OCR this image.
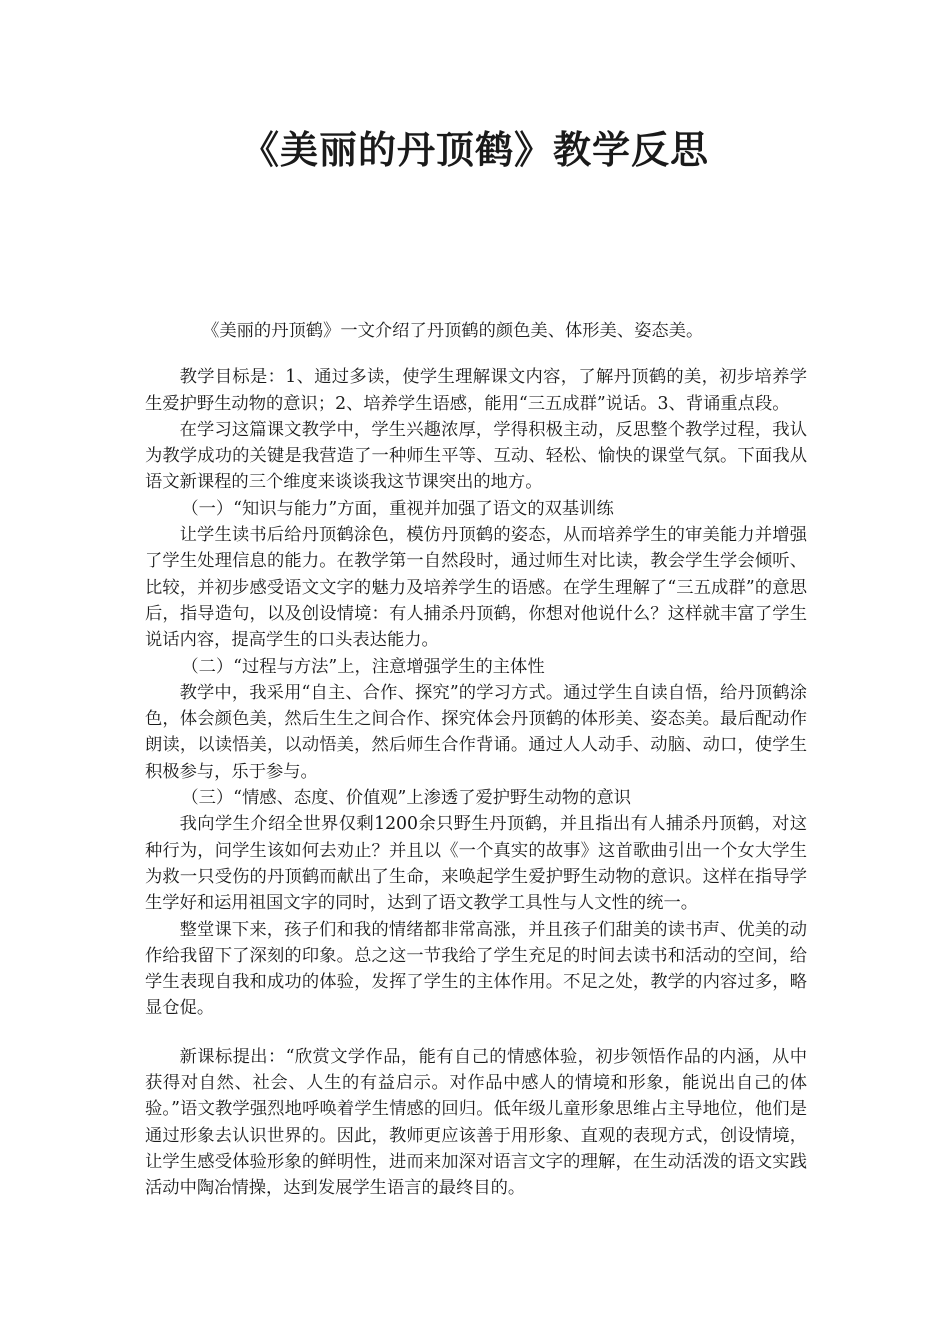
《美丽的丹顶鹤》教学反思

《美丽的丹顶鹤》一文介绍了丹顶鹤的颜色美、体形美、姿态美。

教学目标是：1、通过多读，使学生理解课文内容，了解丹顶鹤的美，初步培养学生爱护野生动物的意识；2、培养学生语感，能用“三五成群”说话。3、背诵重点段。

在学习这篇课文教学中，学生兴趣浓厚，学得积极主动，反思整个教学过程，我认为教学成功的关键是我营造了一种师生平等、互动、轻松、愉快的课堂气氛。下面我从语文新课程的三个维度来谈谈我这节课突出的地方。

（一）“知识与能力”方面，重视并加强了语文的双基训练

让学生读书后给丹顶鹤涂色，模仿丹顶鹤的姿态，从而培养学生的审美能力并增强了学生处理信息的能力。在教学第一自然段时，通过师生对比读，教会学生学会倾听、比较，并初步感受语文文字的魅力及培养学生的语感。在学生理解了“三五成群”的意思后，指导造句，以及创设情境：有人捕杀丹顶鹤，你想对他说什么？这样就丰富了学生说话内容，提高学生的口头表达能力。

（二）“过程与方法”上，注意增强学生的主体性

教学中，我采用“自主、合作、探究”的学习方式。通过学生自读自悟，给丹顶鹤涂色，体会颜色美，然后生生之间合作、探究体会丹顶鹤的体形美、姿态美。最后配动作朗读，以读悟美，以动悟美，然后师生合作背诵。通过人人动手、动脑、动口，使学生积极参与，乐于参与。

（三）“情感、态度、价值观”上渗透了爱护野生动物的意识

我向学生介绍全世界仅剩1200余只野生丹顶鹤，并且指出有人捕杀丹顶鹤，对这种行为，问学生该如何去劝止？并且以《一个真实的故事》这首歌曲引出一个女大学生为救一只受伤的丹顶鹤而献出了生命，来唤起学生爱护野生动物的意识。这样在指导学生学好和运用祖国文字的同时，达到了语文教学工具性与人文性的统一。

整堂课下来，孩子们和我的情绪都非常高涨，并且孩子们甜美的读书声、优美的动作给我留下了深刻的印象。总之这一节我给了学生充足的时间去读书和活动的空间，给学生表现自我和成功的体验，发挥了学生的主体作用。不足之处，教学的内容过多，略显仓促。

新课标提出：“欣赏文学作品，能有自己的情感体验，初步领悟作品的内涵，从中获得对自然、社会、人生的有益启示。对作品中感人的情境和形象，能说出自己的体验。”语文教学强烈地呼唤着学生情感的回归。低年级儿童形象思维占主导地位，他们是通过形象去认识世界的。因此，教师更应该善于用形象、直观的表现方式，创设情境，让学生感受体验形象的鲜明性，进而来加深对语言文字的理解，在生动活泼的语文实践活动中陶冶情操，达到发展学生语言的最终目的。
